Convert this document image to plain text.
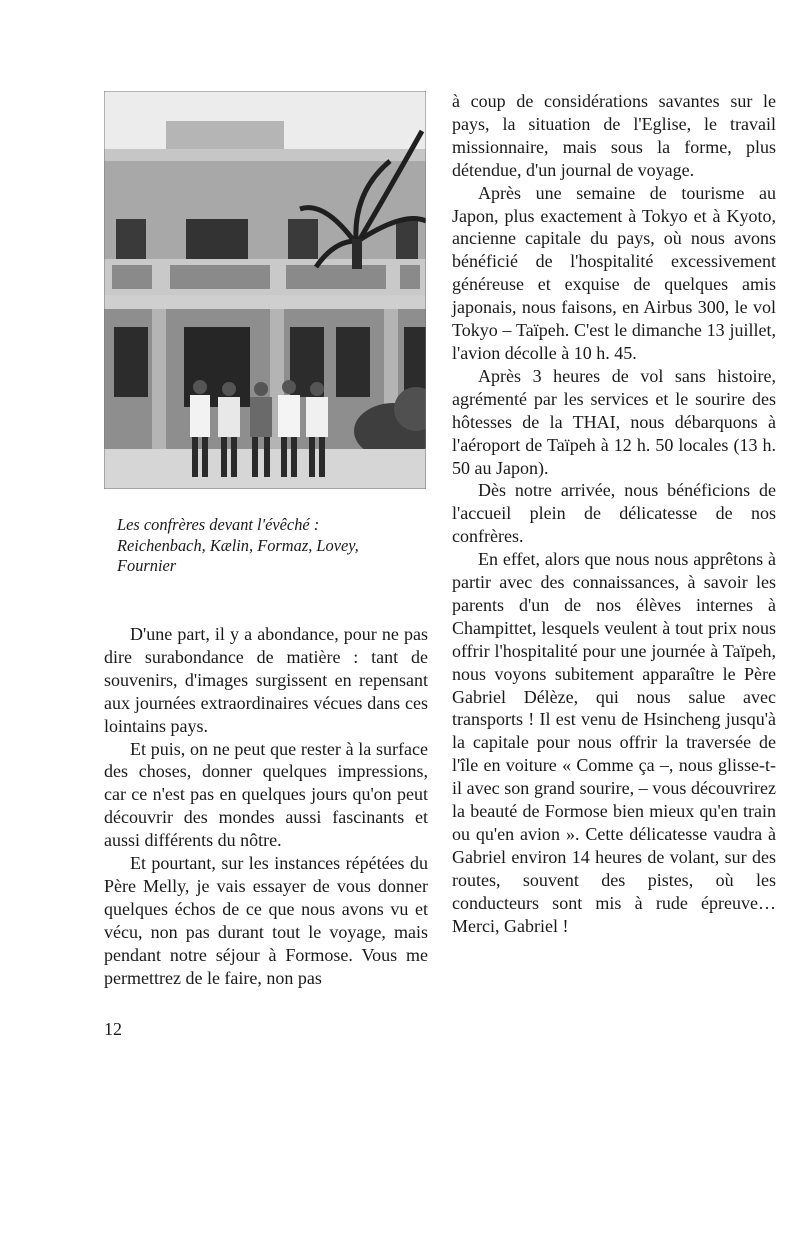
Les confrères devant l'évêché :

Reichenbach, Kælin, Formaz, Lovey,

Fournier

D'une part, il y a abondance, pour ne pas dire surabondance de matière : tant de souvenirs, d'images surgissent en repensant aux journées extraordinaires vécues dans ces lointains pays.

Et puis, on ne peut que rester à la surface des choses, donner quelques impressions, car ce n'est pas en quelques jours qu'on peut découvrir des mondes aussi fascinants et aussi différents du nôtre.

Et pourtant, sur les instances répétées du Père Melly, je vais essayer de vous donner quelques échos de ce que nous avons vu et vécu, non pas durant tout le voyage, mais pendant notre séjour à Formose. Vous me permettrez de le faire, non pas

à coup de considérations savantes sur le pays, la situation de l'Eglise, le travail missionnaire, mais sous la forme, plus détendue, d'un journal de voyage.

Après une semaine de tourisme au Japon, plus exactement à Tokyo et à Kyoto, ancienne capitale du pays, où nous avons bénéficié de l'hospitalité excessivement généreuse et exquise de quelques amis japonais, nous faisons, en Airbus 300, le vol Tokyo – Taïpeh. C'est le dimanche 13 juillet, l'avion décolle à 10 h. 45.

Après 3 heures de vol sans histoire, agrémenté par les services et le sourire des hôtesses de la THAI, nous débarquons à l'aéroport de Taïpeh à 12 h. 50 locales (13 h. 50 au Japon).

Dès notre arrivée, nous bénéficions de l'accueil plein de délicatesse de nos confrères.

En effet, alors que nous nous apprêtons à partir avec des connaissances, à savoir les parents d'un de nos élèves internes à Champittet, lesquels veulent à tout prix nous offrir l'hospitalité pour une journée à Taïpeh, nous voyons subitement apparaître le Père Gabriel Délèze, qui nous salue avec transports ! Il est venu de Hsincheng jusqu'à la capitale pour nous offrir la traversée de l'île en voiture « Comme ça –, nous glisse-t-il avec son grand sourire, – vous découvrirez la beauté de Formose bien mieux qu'en train ou qu'en avion ». Cette délicatesse vaudra à Gabriel environ 14 heures de volant, sur des routes, souvent des pistes, où les conducteurs sont mis à rude épreuve… Merci, Gabriel !

12
